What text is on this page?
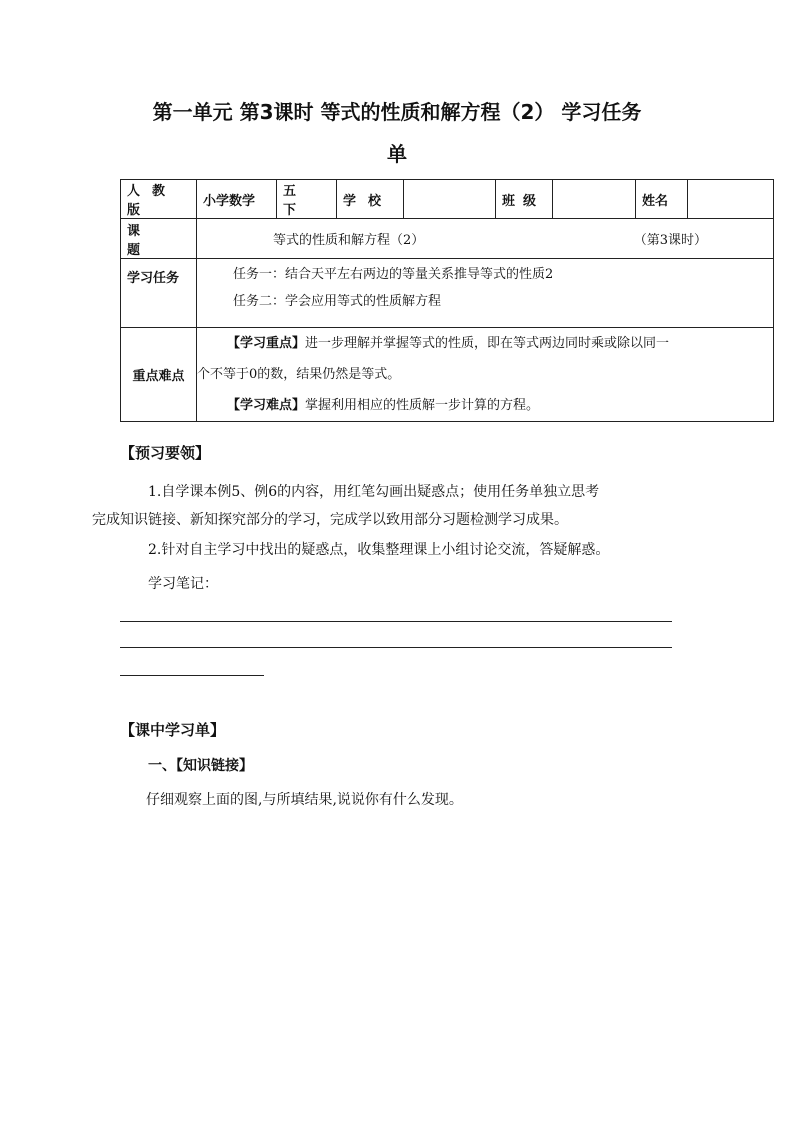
第一单元 第3课时 等式的性质和解方程（2） 学习任务
单
人教版	小学数学	五下	学校		班级		姓名	
课题	等式的性质和解方程（2） （第3课时）							

学习任务	任务一：结合天平左右两边的等量关系推导等式的性质2
任务二：学会应用等式的性质解方程							

重点难点	【学习重点】进一步理解并掌握等式的性质，即在等式两边同时乘或除以同一
个不等于0的数，结果仍然是等式。
【学习难点】掌握利用相应的性质解一步计算的方程。							
【预习要领】
1.自学课本例5、例6的内容，用红笔勾画出疑惑点；使用任务单独立思考
完成知识链接、新知探究部分的学习，完成学以致用部分习题检测学习成果。
2.针对自主学习中找出的疑惑点，收集整理课上小组讨论交流，答疑解惑。
学习笔记：
【课中学习单】
一、【知识链接】
仔细观察上面的图,与所填结果,说说你有什么发现。
